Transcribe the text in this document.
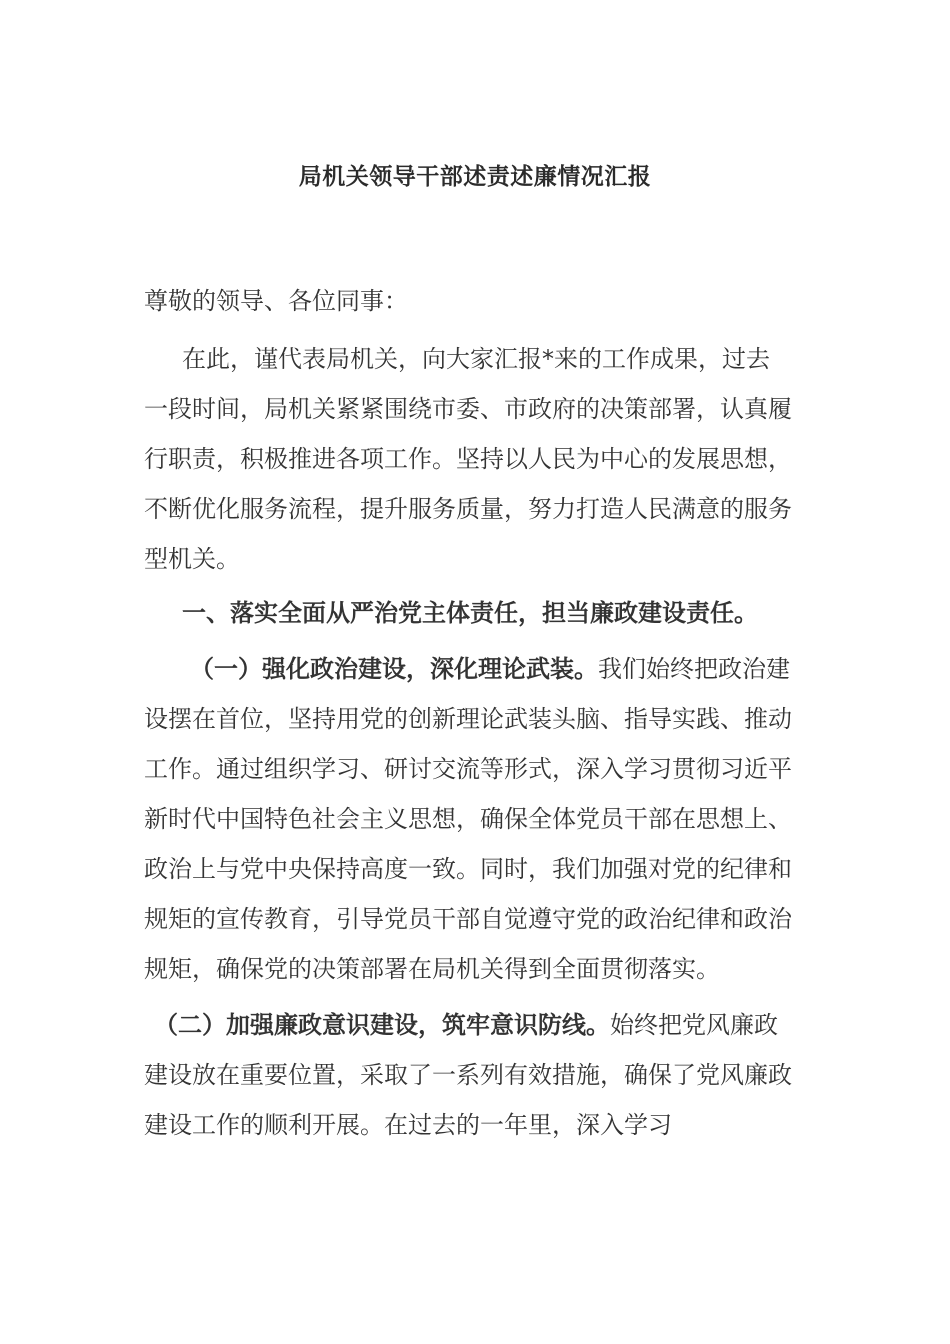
局机关领导干部述责述廉情况汇报

尊敬的领导、各位同事：

在此，谨代表局机关，向大家汇报*来的工作成果，过去一段时间，局机关紧紧围绕市委、市政府的决策部署，认真履行职责，积极推进各项工作。坚持以人民为中心的发展思想，不断优化服务流程，提升服务质量，努力打造人民满意的服务型机关。

一、落实全面从严治党主体责任，担当廉政建设责任。

（一）强化政治建设，深化理论武装。我们始终把政治建设摆在首位，坚持用党的创新理论武装头脑、指导实践、推动工作。通过组织学习、研讨交流等形式，深入学习贯彻习近平新时代中国特色社会主义思想，确保全体党员干部在思想上、政治上与党中央保持高度一致。同时，我们加强对党的纪律和规矩的宣传教育，引导党员干部自觉遵守党的政治纪律和政治规矩，确保党的决策部署在局机关得到全面贯彻落实。

（二）加强廉政意识建设，筑牢意识防线。始终把党风廉政建设放在重要位置，采取了一系列有效措施，确保了党风廉政建设工作的顺利开展。在过去的一年里，深入学习
